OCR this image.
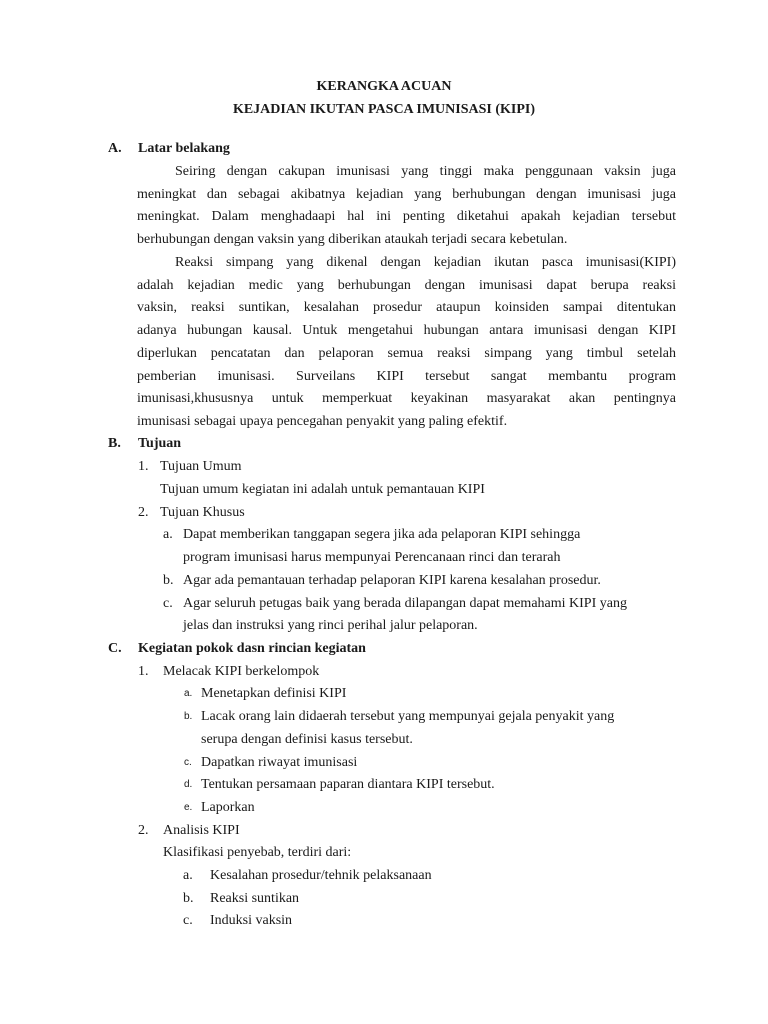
KERANGKA ACUAN
KEJADIAN IKUTAN PASCA IMUNISASI (KIPI)
A. Latar belakang
Seiring dengan cakupan imunisasi yang tinggi maka penggunaan vaksin juga
meningkat dan sebagai akibatnya kejadian yang berhubungan dengan imunisasi juga
meningkat. Dalam menghadaapi hal ini penting diketahui apakah kejadian tersebut
berhubungan dengan vaksin yang diberikan ataukah terjadi secara kebetulan.
Reaksi simpang yang dikenal dengan kejadian ikutan pasca imunisasi(KIPI)
adalah kejadian medic yang berhubungan dengan imunisasi dapat berupa reaksi
vaksin, reaksi suntikan, kesalahan prosedur ataupun koinsiden sampai ditentukan
adanya hubungan kausal. Untuk mengetahui hubungan antara imunisasi dengan KIPI
diperlukan pencatatan dan pelaporan semua reaksi simpang yang timbul setelah
pemberian imunisasi. Surveilans KIPI tersebut sangat membantu program
imunisasi,khususnya untuk memperkuat keyakinan masyarakat akan pentingnya
imunisasi sebagai upaya pencegahan penyakit yang paling efektif.
B. Tujuan
1. Tujuan Umum
Tujuan umum kegiatan ini adalah untuk pemantauan KIPI
2. Tujuan Khusus
a. Dapat memberikan tanggapan segera jika ada pelaporan KIPI sehingga
program imunisasi harus mempunyai Perencanaan rinci dan terarah
b. Agar ada pemantauan terhadap pelaporan KIPI karena kesalahan prosedur.
c. Agar seluruh petugas baik yang berada dilapangan dapat memahami KIPI yang
jelas dan instruksi yang rinci perihal jalur pelaporan.
C. Kegiatan pokok dasn rincian kegiatan
1. Melacak KIPI berkelompok
a. Menetapkan definisi KIPI
b. Lacak orang lain didaerah tersebut yang mempunyai gejala penyakit yang
serupa dengan definisi kasus tersebut.
c. Dapatkan riwayat imunisasi
d. Tentukan persamaan paparan diantara KIPI tersebut.
e. Laporkan
2. Analisis KIPI
Klasifikasi penyebab, terdiri dari:
a. Kesalahan prosedur/tehnik pelaksanaan
b. Reaksi suntikan
c. Induksi vaksin
